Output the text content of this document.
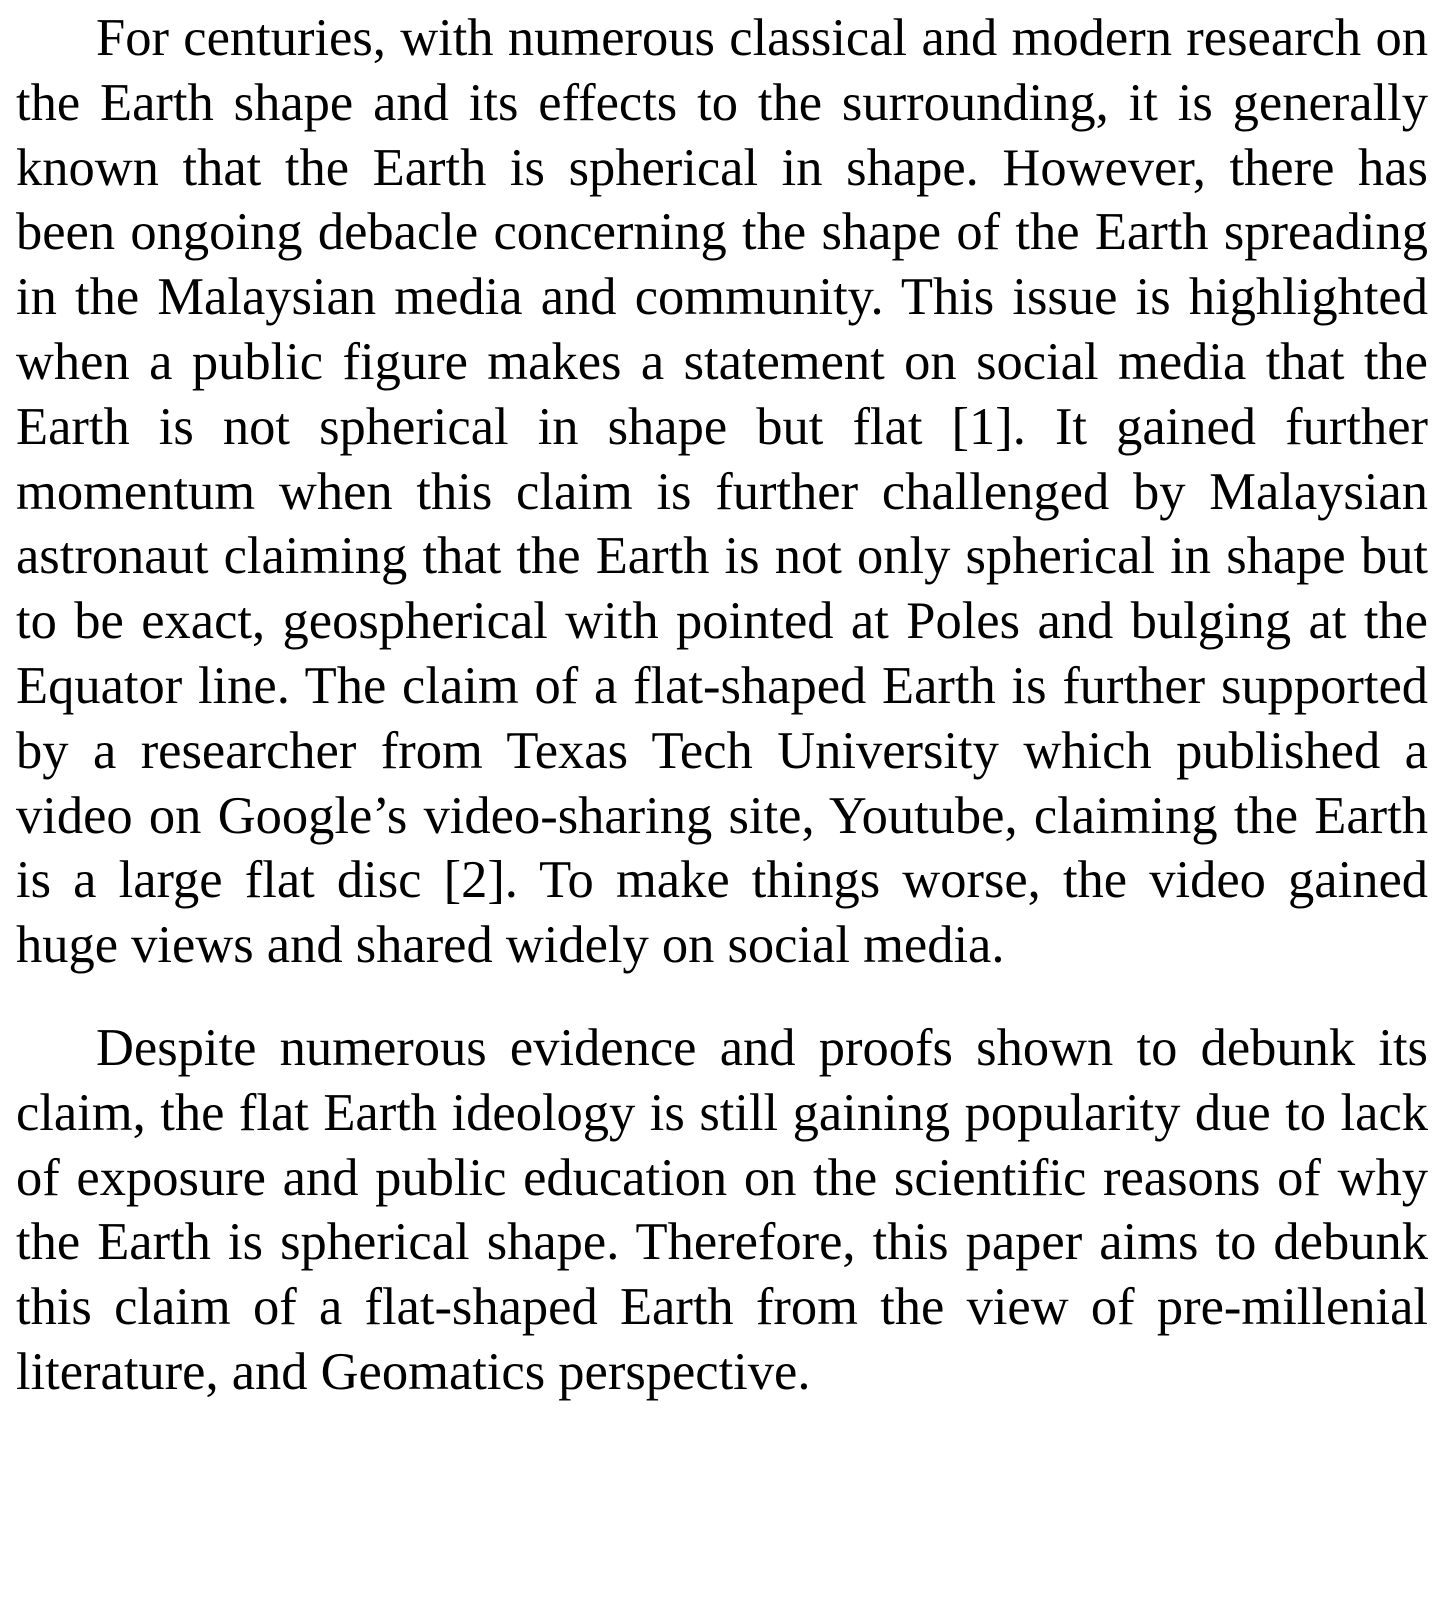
For centuries, with numerous classical and modern research on the Earth shape and its effects to the surrounding, it is generally known that the Earth is spherical in shape. However, there has been ongoing debacle concerning the shape of the Earth spreading in the Malaysian media and community. This issue is highlighted when a public figure makes a statement on social media that the Earth is not spherical in shape but flat [1]. It gained further momentum when this claim is further challenged by Malaysian astronaut claiming that the Earth is not only spherical in shape but to be exact, geospherical with pointed at Poles and bulging at the Equator line. The claim of a flat-shaped Earth is further supported by a researcher from Texas Tech University which published a video on Google’s video-sharing site, Youtube, claiming the Earth is a large flat disc [2]. To make things worse, the video gained huge views and shared widely on social media.

Despite numerous evidence and proofs shown to debunk its claim, the flat Earth ideology is still gaining popularity due to lack of exposure and public education on the scientific reasons of why the Earth is spherical shape. Therefore, this paper aims to debunk this claim of a flat-shaped Earth from the view of pre-millenial literature, and Geomatics perspective.
